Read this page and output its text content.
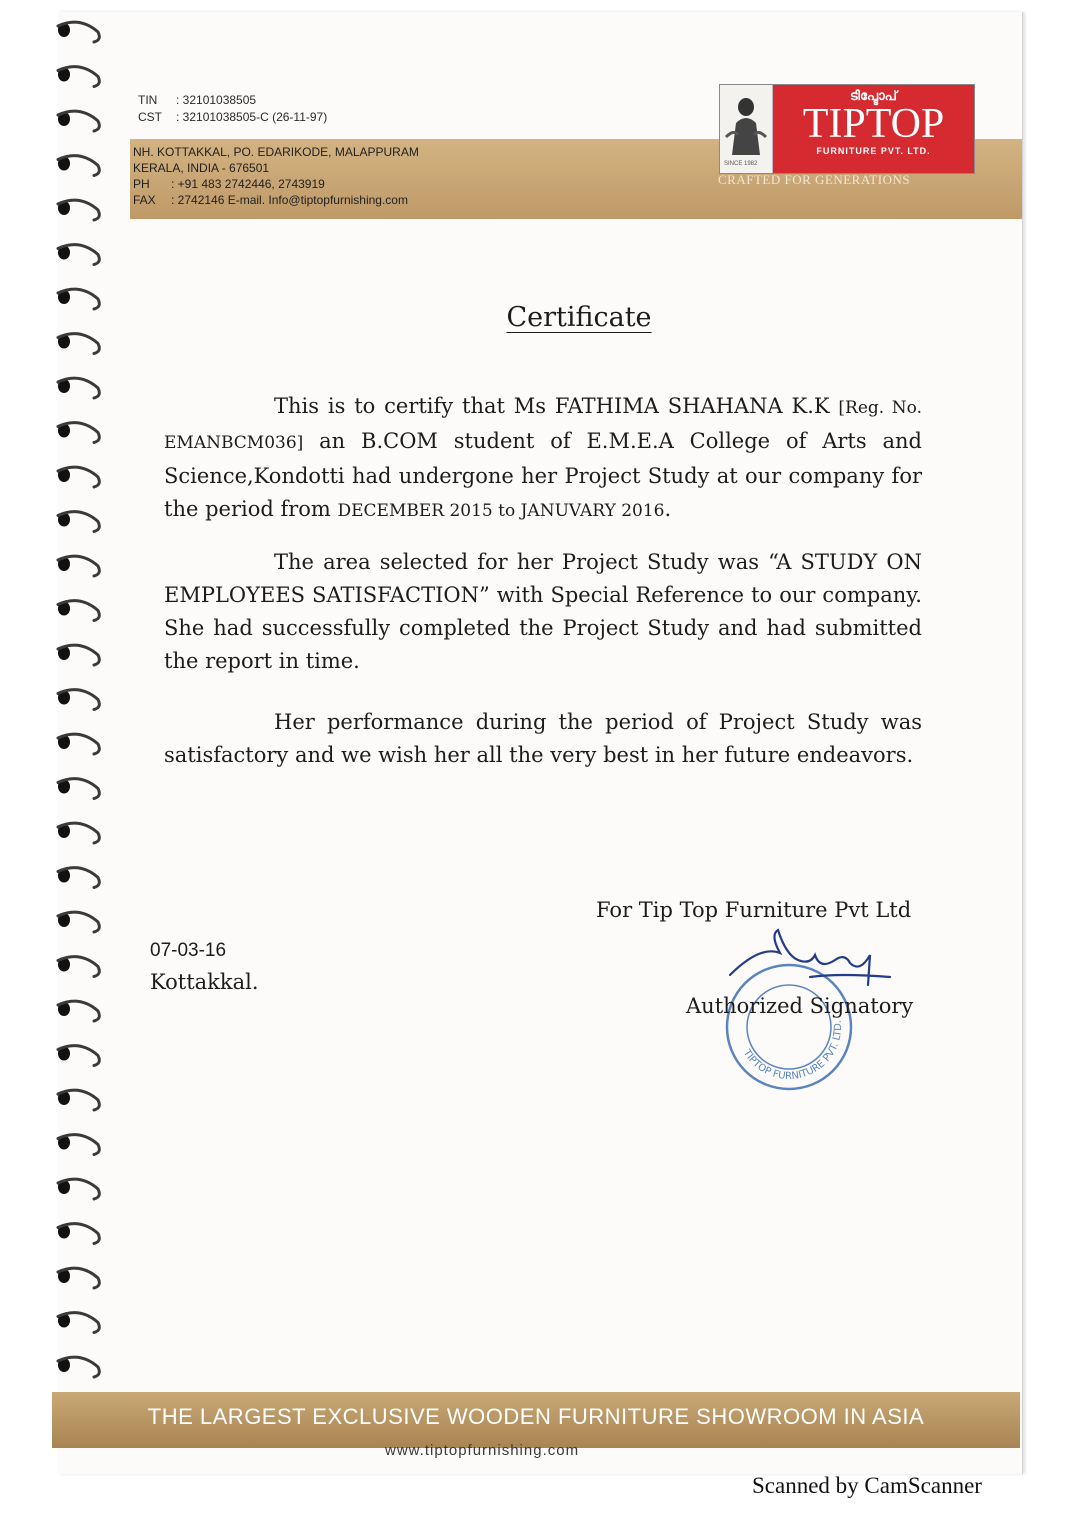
TIN : 32101038505
CST : 32101038505-C (26-11-97)
NH. KOTTAKKAL, PO. EDARIKODE, MALAPPURAM
KERALA, INDIA - 676501
PH : +91 483 2742446, 2743919
FAX : 2742146 E-mail. Info@tiptopfurnishing.com
SINCE 1982
ടിപ്ടോപ്
TIPTOP
FURNITURE PVT. LTD.
CRAFTED FOR GENERATIONS
Certificate
This is to certify that Ms FATHIMA SHAHANA K.K [Reg. No. EMANBCM036] an B.COM student of E.M.E.A College of Arts and Science,Kondotti had undergone her Project Study at our company for the period from DECEMBER 2015 to JANUVARY 2016.
The area selected for her Project Study was “A STUDY ON EMPLOYEES SATISFACTION” with Special Reference to our company. She had successfully completed the Project Study and had submitted the report in time.
Her performance during the period of Project Study was satisfactory and we wish her all the very best in her future endeavors.
For Tip Top Furniture Pvt Ltd
07-03-16
Kottakkal.
TIPTOP FURNITURE PVT. LTD.
Authorized Signatory
THE LARGEST EXCLUSIVE WOODEN FURNITURE SHOWROOM IN ASIA
www.tiptopfurnishing.com
Scanned by CamScanner
